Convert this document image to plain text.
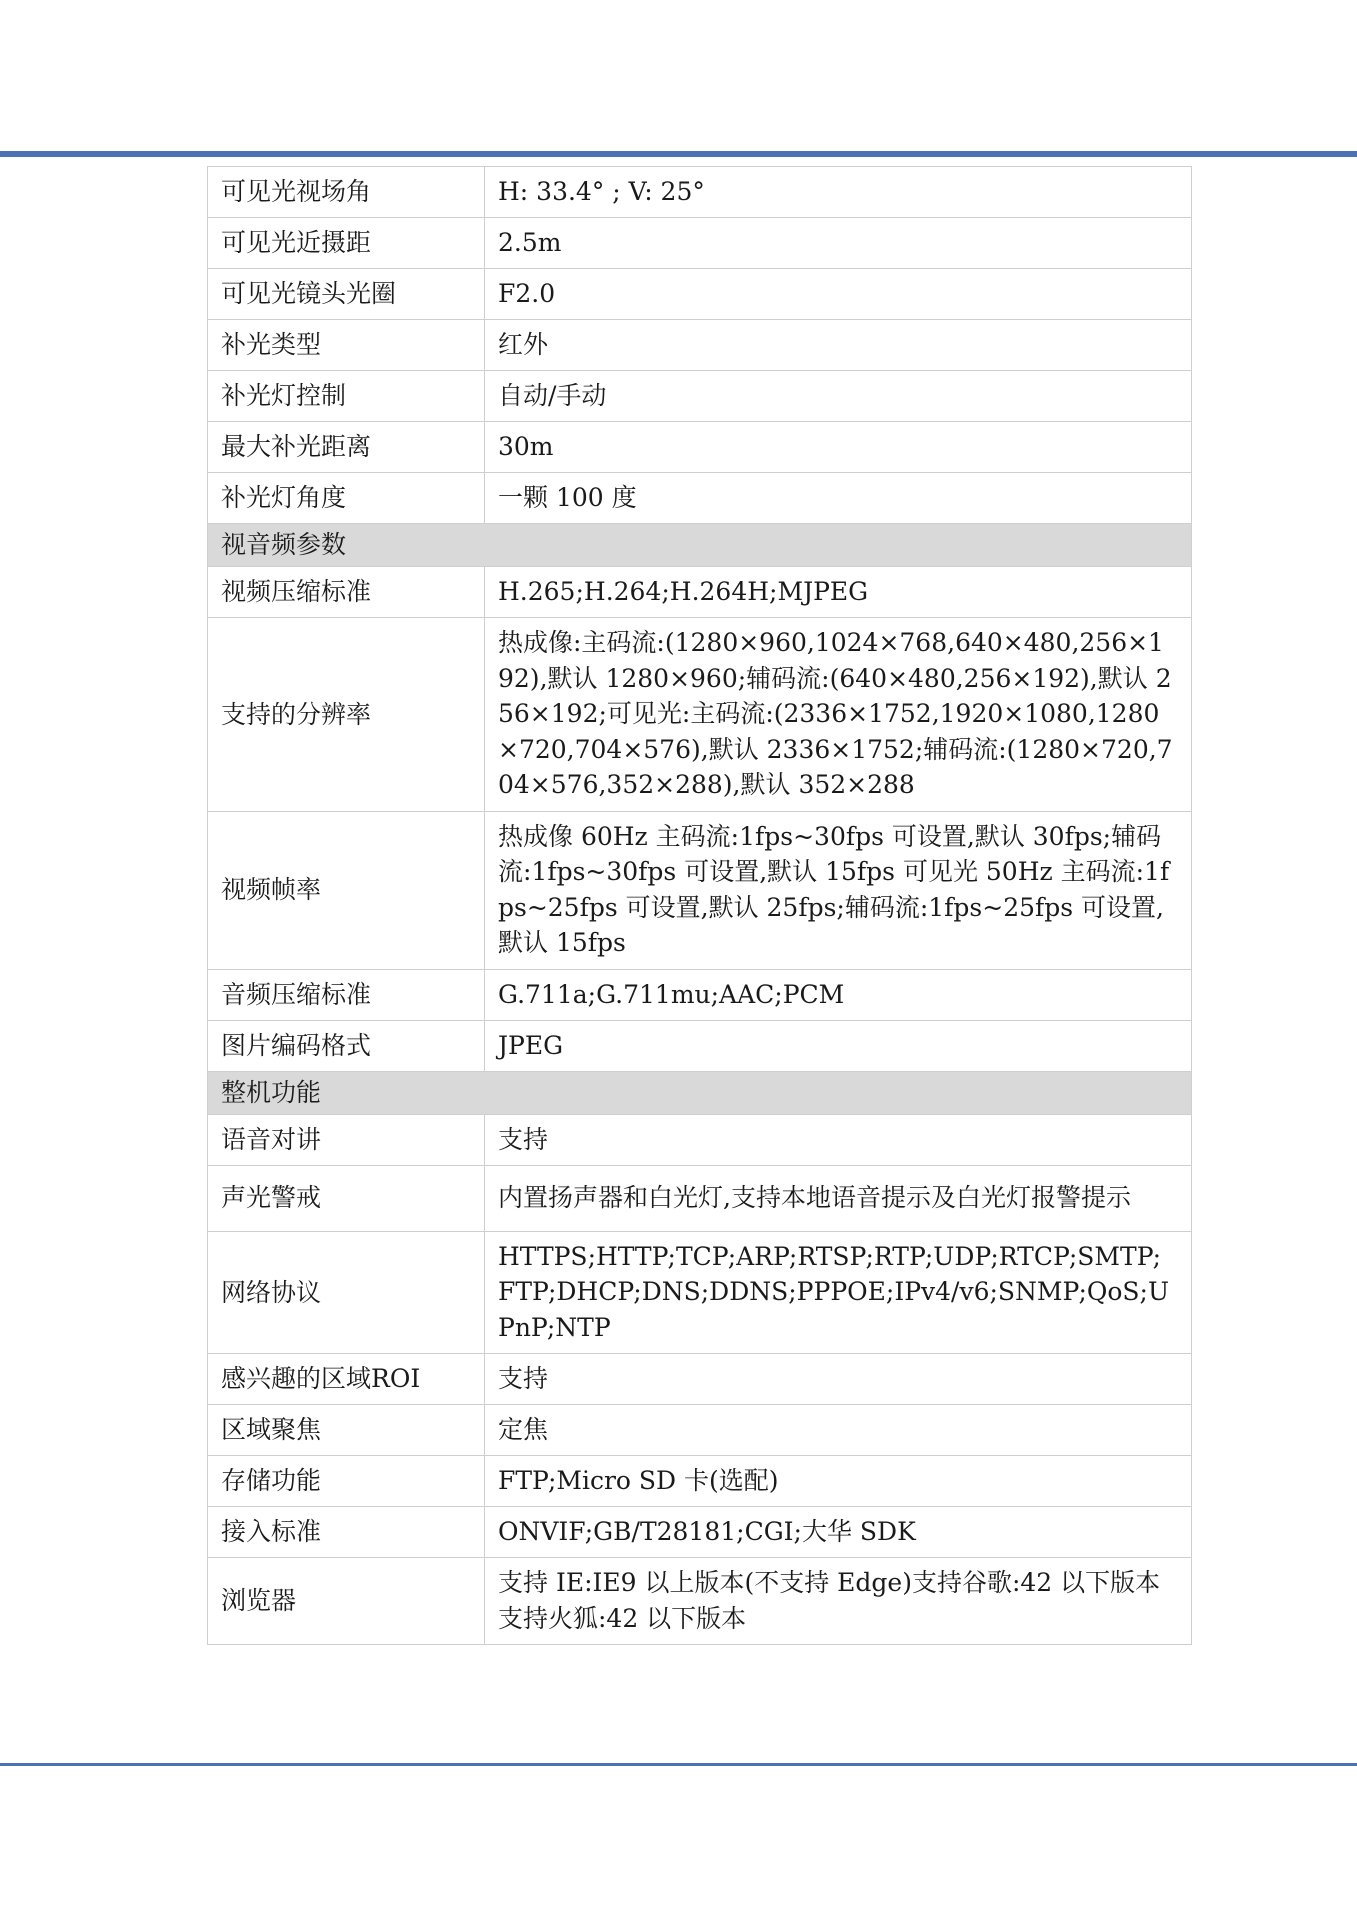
可见光视场角	H: 33.4° ; V: 25°
可见光近摄距	2.5m
可见光镜头光圈	F2.0
补光类型	红外
补光灯控制	自动/手动
最大补光距离	30m
补光灯角度	一颗 100 度
视音频参数	
视频压缩标准	H.265;H.264;H.264H;MJPEG
支持的分辨率	热成像:主码流:(1280×960,1024×768,640×480,256×192),默认 1280×960;辅码流:(640×480,256×192),默认 256×192;可见光:主码流:(2336×1752,1920×1080,1280×720,704×576),默认 2336×1752;辅码流:(1280×720,704×576,352×288),默认 352×288
视频帧率	热成像 60Hz 主码流:1fps~30fps 可设置,默认 30fps;辅码流:1fps~30fps 可设置,默认 15fps 可见光 50Hz 主码流:1fps~25fps 可设置,默认 25fps;辅码流:1fps~25fps 可设置,默认 15fps
音频压缩标准	G.711a;G.711mu;AAC;PCM
图片编码格式	JPEG
整机功能	
语音对讲	支持
声光警戒	内置扬声器和白光灯,支持本地语音提示及白光灯报警提示
网络协议	HTTPS;HTTP;TCP;ARP;RTSP;RTP;UDP;RTCP;SMTP;FTP;DHCP;DNS;DDNS;PPPOE;IPv4/v6;SNMP;QoS;UPnP;NTP
感兴趣的区域ROI	支持
区域聚焦	定焦
存储功能	FTP;Micro SD 卡(选配)
接入标准	ONVIF;GB/T28181;CGI;大华 SDK
浏览器	支持 IE:IE9 以上版本(不支持 Edge)支持谷歌:42 以下版本支持火狐:42 以下版本
